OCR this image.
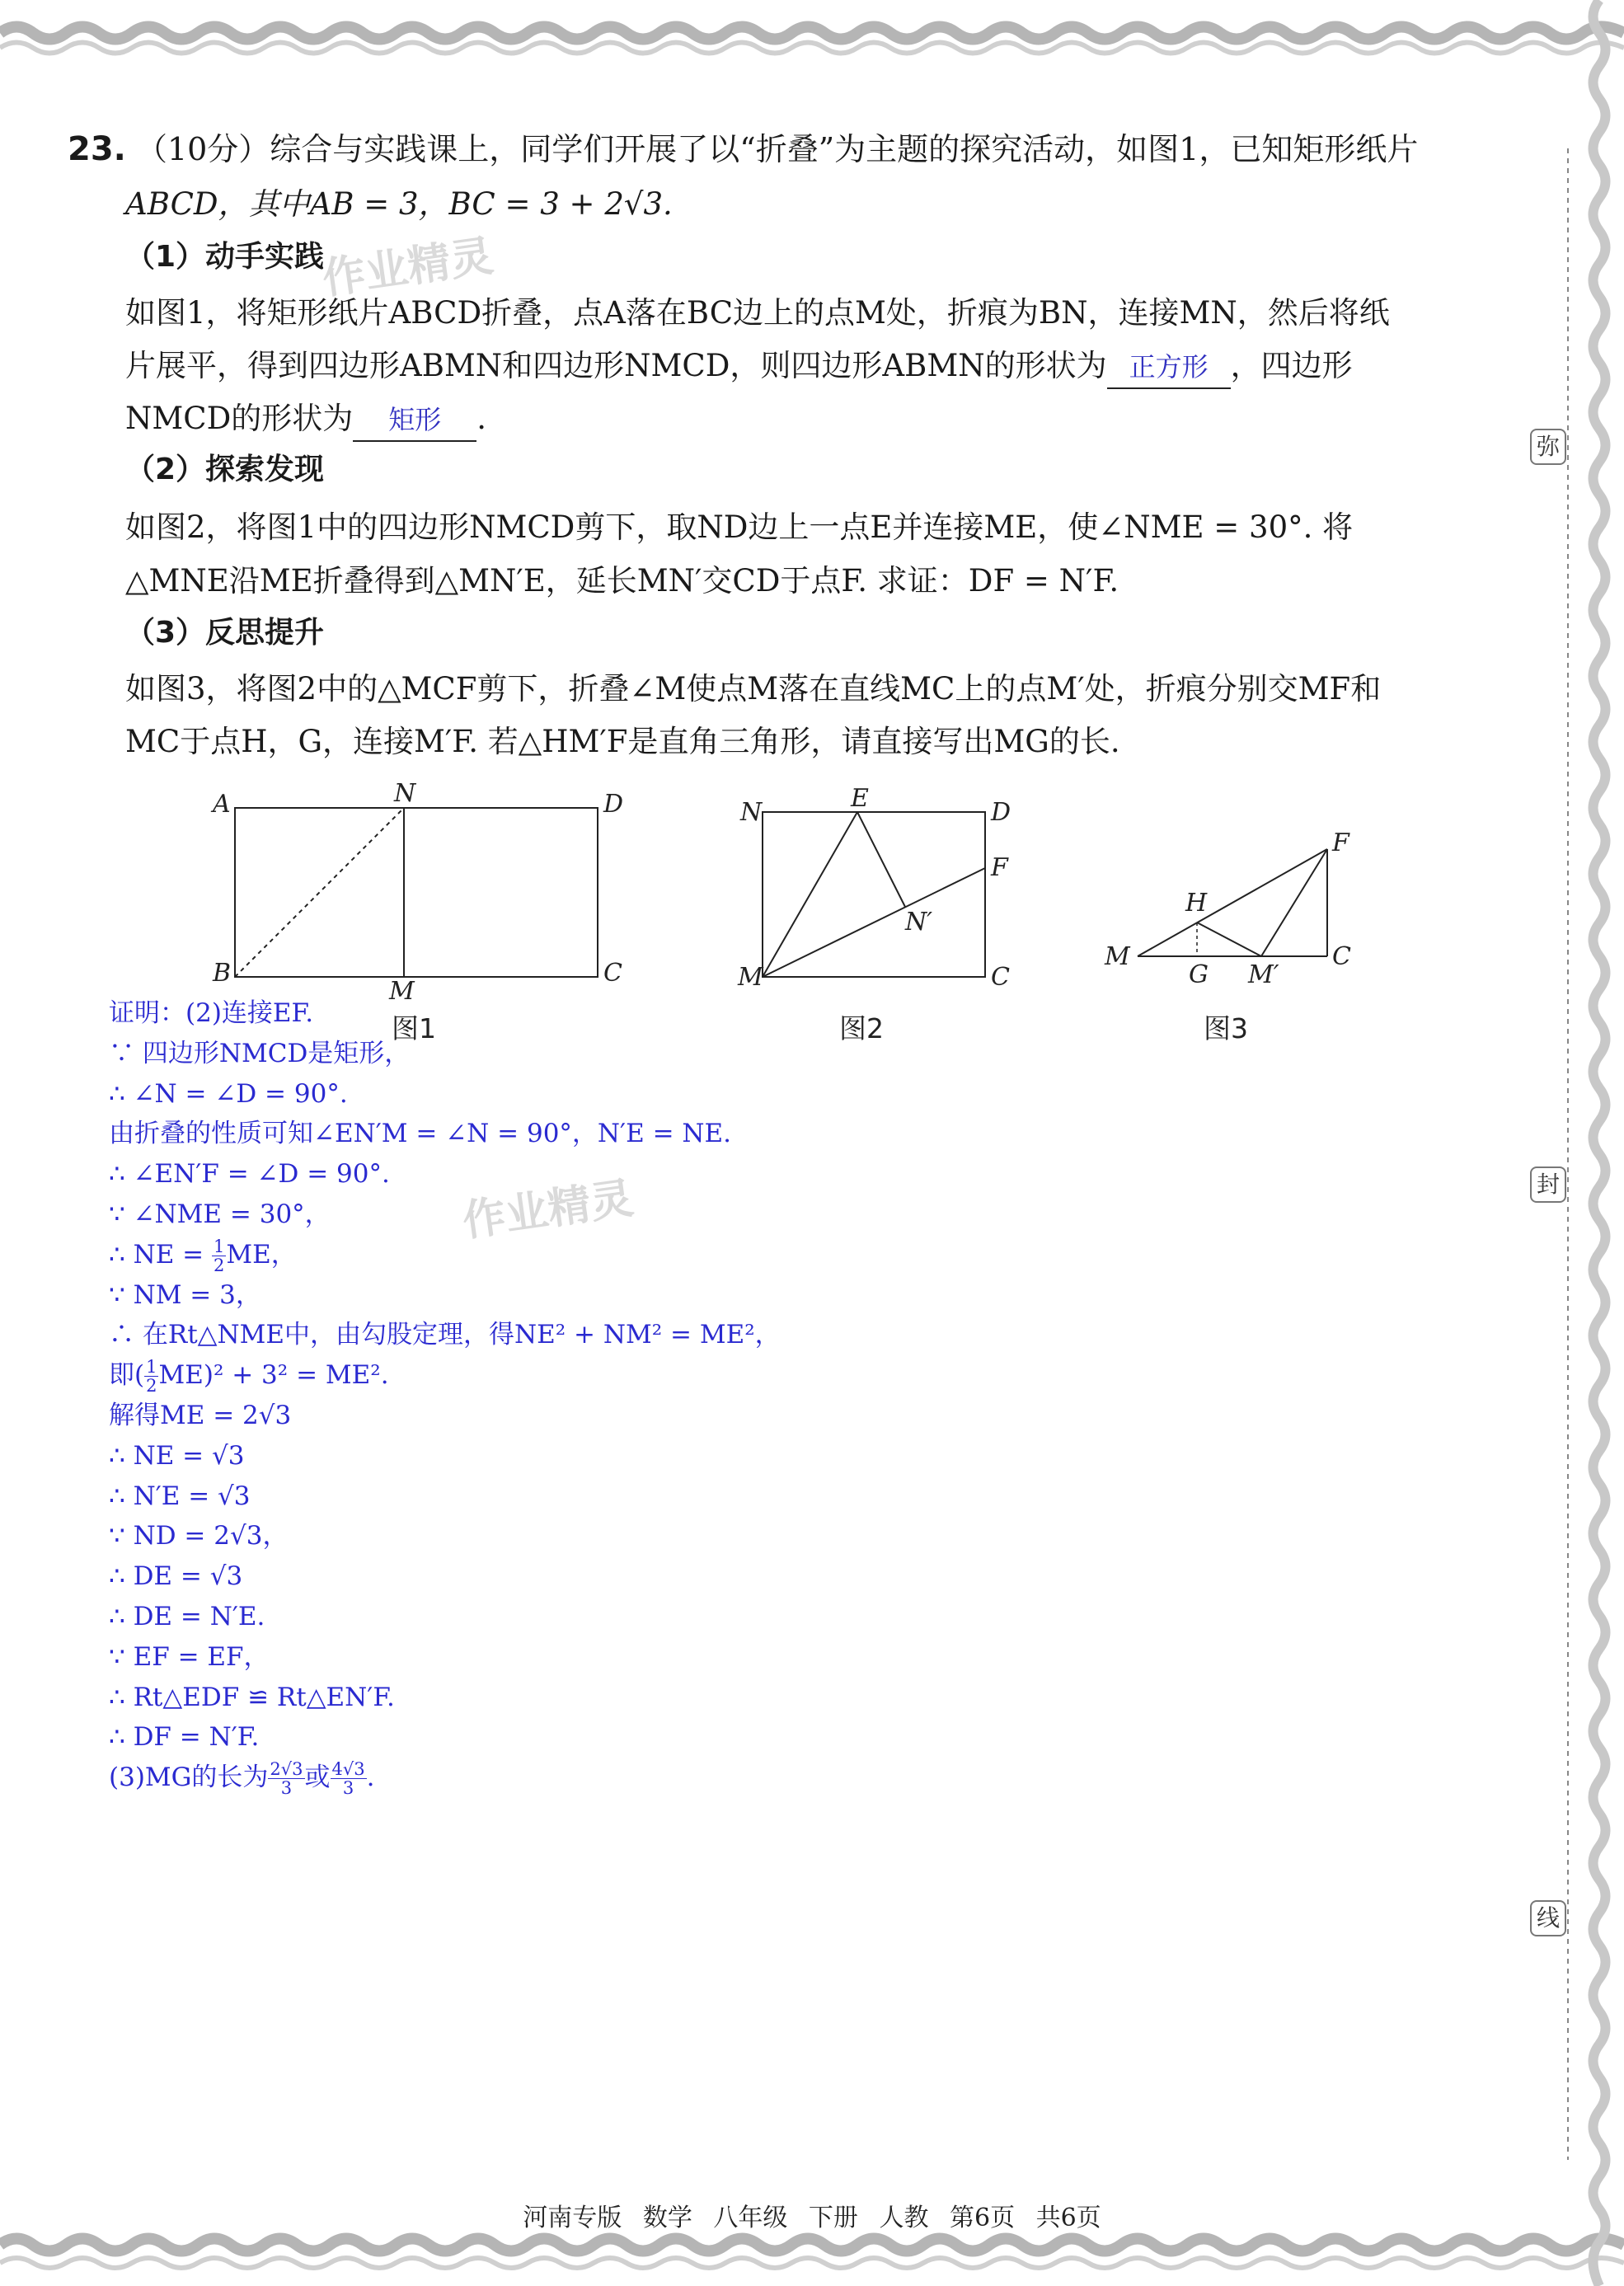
弥
封
线
作业精灵
作业精灵
23. （10分）综合与实践课上，同学们开展了以“折叠”为主题的探究活动，如图1，已知矩形纸片
ABCD，其中AB = 3，BC = 3 + 2√3.
（1）动手实践
如图1，将矩形纸片ABCD折叠，点A落在BC边上的点M处，折痕为BN，连接MN，然后将纸
片展平，得到四边形ABMN和四边形NMCD，则四边形ABMN的形状为 正方形 ，四边形
NMCD的形状为 矩形 .
（2）探索发现
如图2，将图1中的四边形NMCD剪下，取ND边上一点E并连接ME，使∠NME = 30°. 将
△MNE沿ME折叠得到△MN′E，延长MN′交CD于点F. 求证：DF = N′F.
（3）反思提升
如图3，将图2中的△MCF剪下，折叠∠M使点M落在直线MC上的点M′处，折痕分别交MF和
MC于点H，G，连接M′F. 若△HM′F是直角三角形，请直接写出MG的长.
A	N	D
B
M
C
图1
N	E	D
F
N′
M	C
图2
F
H
M
G M′
C
图3
证明：(2)连接EF.
∵ 四边形NMCD是矩形，
∴ ∠N = ∠D = 90°.
由折叠的性质可知∠EN′M = ∠N = 90°，N′E = NE.
∴ ∠EN′F = ∠D = 90°.
∵ ∠NME = 30°，
∴ NE = $\frac{1}{2}$ ME，
∵ NM = 3，
∴ 在Rt△NME中，由勾股定理，得NE² + NM² = ME²，
即( $\frac{1}{2} ME)^2 + 3^2 = ME^2$.
解得ME = 2√3
∴ NE = √3
∴ N′E = √3
∵ ND = 2√3，
∴ DE = √3
∴ DE = N′E.
∵ EF = EF，
∴ Rt△EDF ≌ Rt△EN′F.
∴ DF = N′F.
(3)MG的长为 $\frac{2√3}{3}$ 或 $\frac{4√3}{3}$ .
河南专版 数学 八年级 下册 人教 第6页 共6页
